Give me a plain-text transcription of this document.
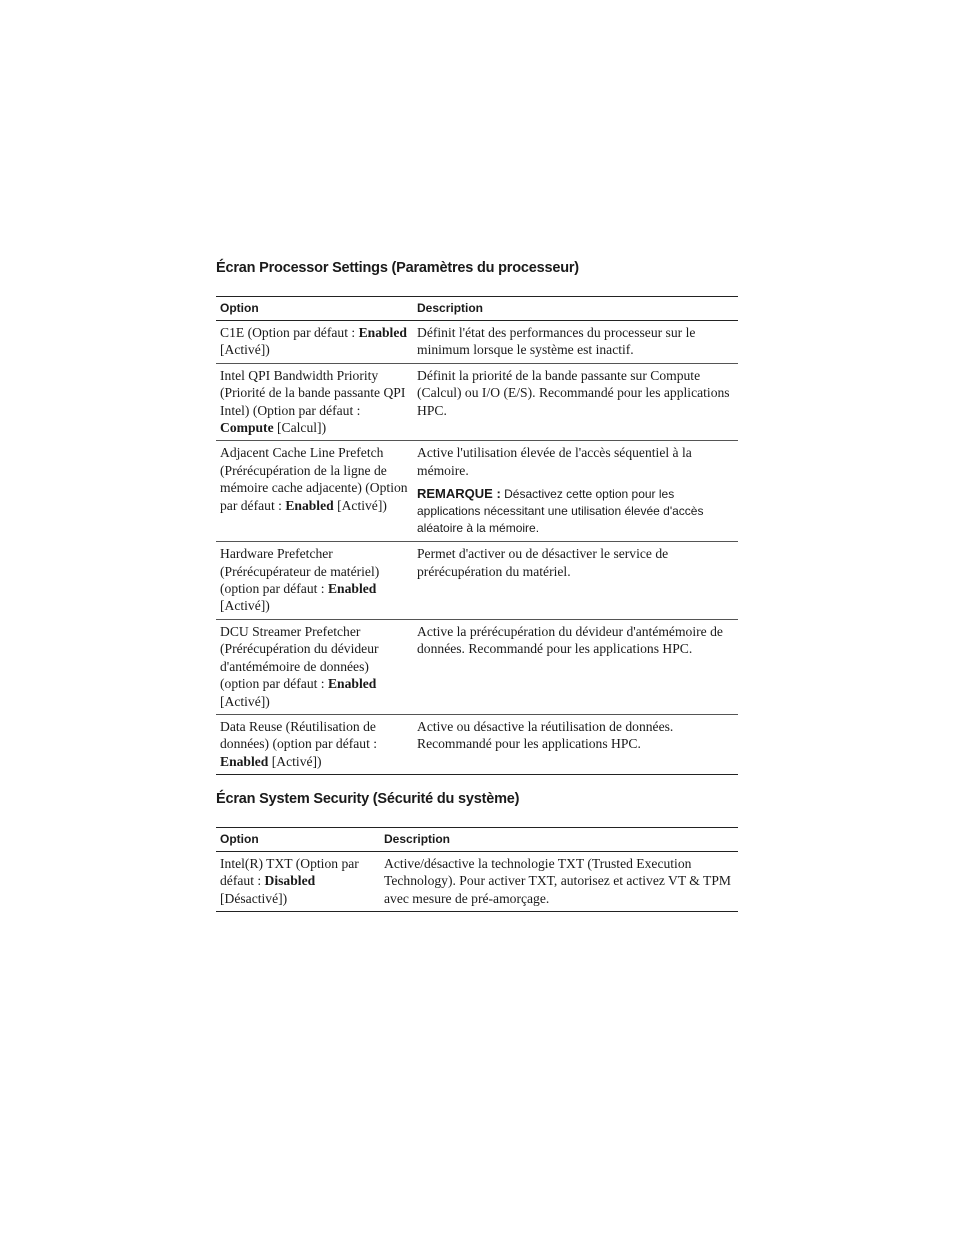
Écran Processor Settings (Paramètres du processeur)
Option	Description
C1E (Option par défaut : Enabled [Activé])	Définit l'état des performances du processeur sur le minimum lorsque le système est inactif.
Intel QPI Bandwidth Priority (Priorité de la bande passante QPI Intel) (Option par défaut : Compute [Calcul])	Définit la priorité de la bande passante sur Compute (Calcul) ou I/O (E/S). Recommandé pour les applications HPC.
Adjacent Cache Line Prefetch (Prérécupération de la ligne de mémoire cache adjacente) (Option par défaut : Enabled [Activé])	Active l'utilisation élevée de l'accès séquentiel à la mémoire.
REMARQUE : Désactivez cette option pour les applications nécessitant une utilisation élevée d'accès aléatoire à la mémoire.

Hardware Prefetcher (Prérécupérateur de matériel) (option par défaut : Enabled [Activé])	Permet d'activer ou de désactiver le service de prérécupération du matériel.
DCU Streamer Prefetcher (Prérécupération du dévideur d'antémémoire de données) (option par défaut : Enabled [Activé])	Active la prérécupération du dévideur d'antémémoire de données. Recommandé pour les applications HPC.
Data Reuse (Réutilisation de données) (option par défaut : Enabled [Activé])	Active ou désactive la réutilisation de données. Recommandé pour les applications HPC.
Écran System Security (Sécurité du système)
Option	Description
Intel(R) TXT (Option par défaut : Disabled [Désactivé])	Active/désactive la technologie TXT (Trusted Execution Technology). Pour activer TXT, autorisez et activez VT & TPM avec mesure de pré-amorçage.
